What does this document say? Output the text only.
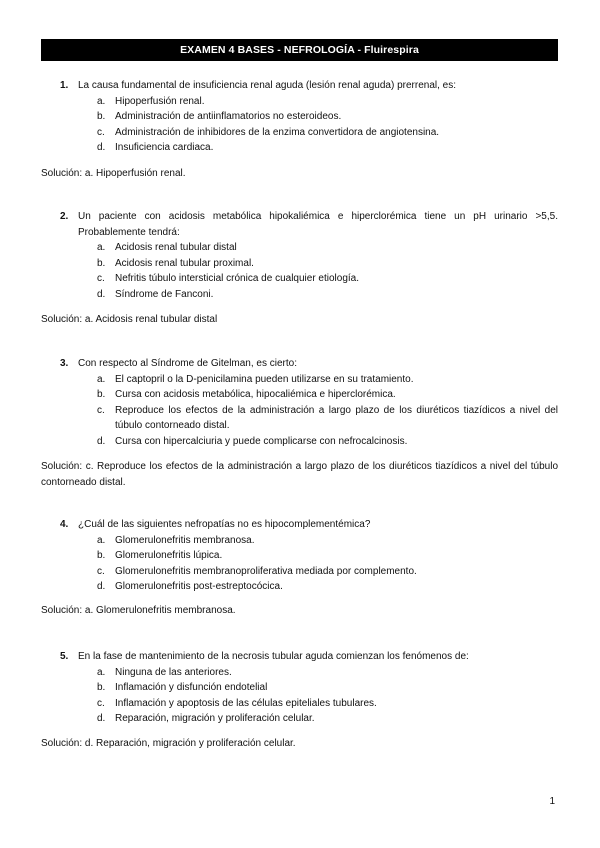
EXAMEN 4 BASES - NEFROLOGÍA - Fluirespira
1. La causa fundamental de insuficiencia renal aguda (lesión renal aguda) prerrenal, es:
a. Hipoperfusión renal.
b. Administración de antiinflamatorios no esteroideos.
c. Administración de inhibidores de la enzima convertidora de angiotensina.
d. Insuficiencia cardiaca.
Solución: a. Hipoperfusión renal.
2. Un paciente con acidosis metabólica hipokaliémica e hiperclorémica tiene un pH urinario >5,5. Probablemente tendrá:
a. Acidosis renal tubular distal
b. Acidosis renal tubular proximal.
c. Nefritis túbulo intersticial crónica de cualquier etiología.
d. Síndrome de Fanconi.
Solución: a. Acidosis renal tubular distal
3. Con respecto al Síndrome de Gitelman, es cierto:
a. El captopril o la D-penicilamina pueden utilizarse en su tratamiento.
b. Cursa con acidosis metabólica, hipocaliémica e hiperclorémica.
c. Reproduce los efectos de la administración a largo plazo de los diuréticos tiazídicos a nivel del túbulo contorneado distal.
d. Cursa con hipercalciuria y puede complicarse con nefrocalcinosis.
Solución: c. Reproduce los efectos de la administración a largo plazo de los diuréticos tiazídicos a nivel del túbulo contorneado distal.
4. ¿Cuál de las siguientes nefropatías no es hipocomplementémica?
a. Glomerulonefritis membranosa.
b. Glomerulonefritis lúpica.
c. Glomerulonefritis membranoproliferativa mediada por complemento.
d. Glomerulonefritis post-estreptocócica.
Solución: a. Glomerulonefritis membranosa.
5. En la fase de mantenimiento de la necrosis tubular aguda comienzan los fenómenos de:
a. Ninguna de las anteriores.
b. Inflamación y disfunción endotelial
c. Inflamación y apoptosis de las células epiteliales tubulares.
d. Reparación, migración y proliferación celular.
Solución: d. Reparación, migración y proliferación celular.
1
